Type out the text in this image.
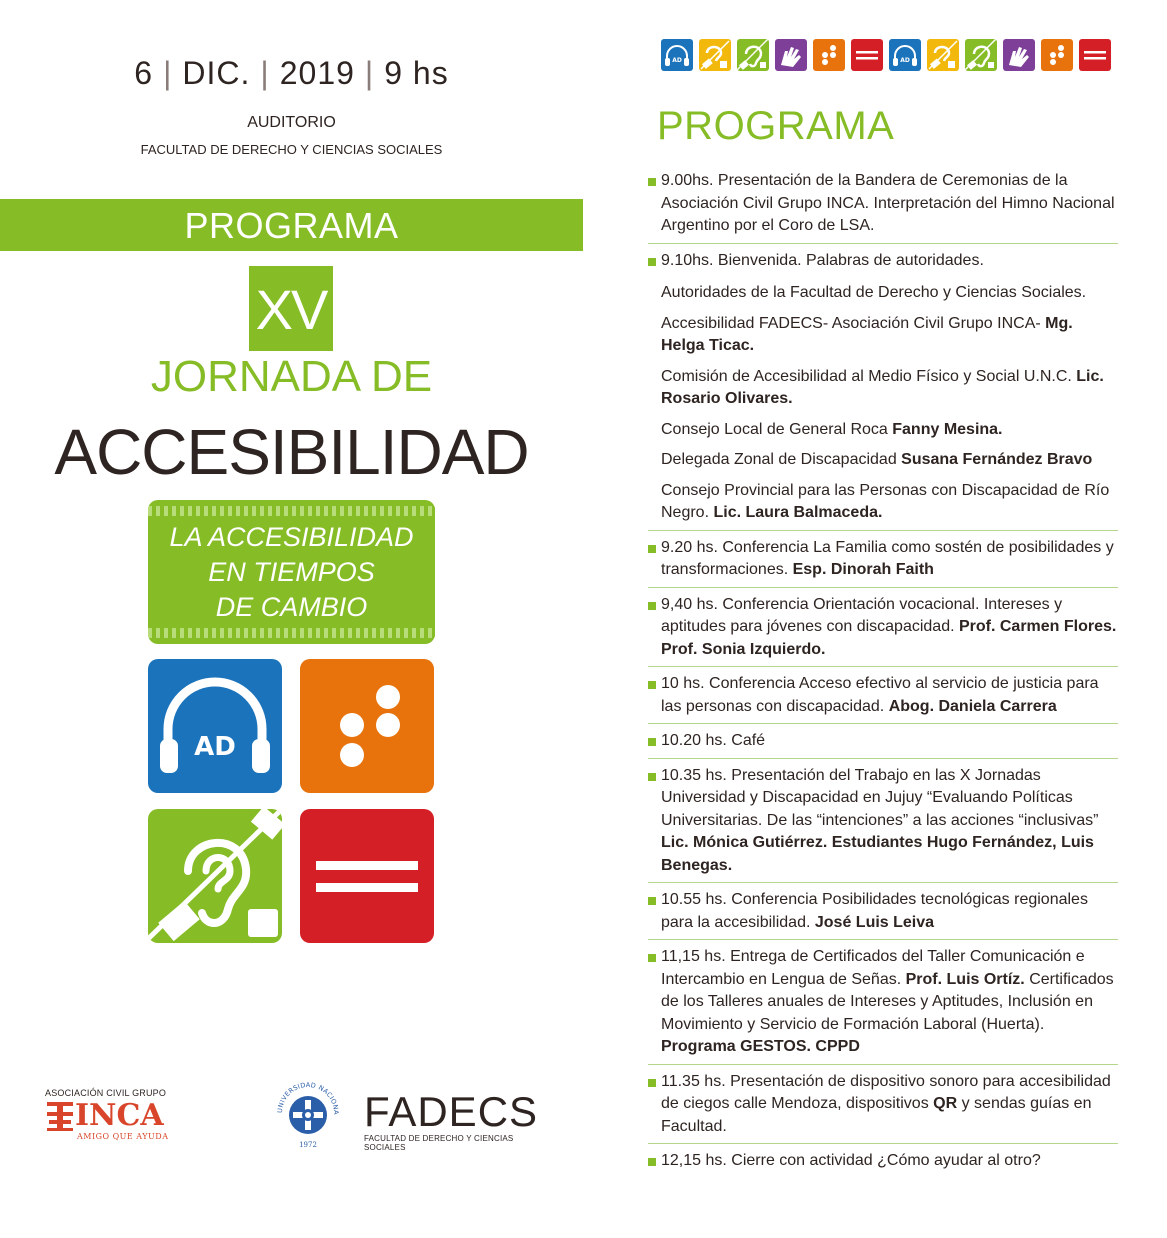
6 | DIC. | 2019 | 9 hs
AUDITORIO
FACULTAD DE DERECHO Y CIENCIAS SOCIALES
PROGRAMA
XV
JORNADA DE
ACCESIBILIDAD
LA ACCESIBILIDAD
EN TIEMPOS
DE CAMBIO
AD
ASOCIACIÓN CIVIL GRUPO
INCA
AMIGO QUE AYUDA
UNIVERSIDAD NACIONA
1972
FADECS
FACULTAD DE DERECHO Y CIENCIAS SOCIALES
AD	AD
PROGRAMA
9.00hs. Presentación de la Bandera de Ceremonias de la Asociación Civil Grupo INCA. Interpretación del Himno Nacional Argentino por el Coro de LSA.
9.10hs. Bienvenida. Palabras de autoridades.
Autoridades de la Facultad de Derecho y Ciencias Sociales.
Accesibilidad FADECS- Asociación Civil Grupo INCA- Mg. Helga Ticac.
Comisión de Accesibilidad al Medio Físico y Social U.N.C. Lic. Rosario Olivares.
Consejo Local de General Roca Fanny Mesina.
Delegada Zonal de Discapacidad Susana Fernández Bravo
Consejo Provincial para las Personas con Discapacidad de Río Negro. Lic. Laura Balmaceda.
9.20 hs. Conferencia La Familia como sostén de posibilidades y transformaciones. Esp. Dinorah Faith
9,40 hs. Conferencia Orientación vocacional. Intereses y aptitudes para jóvenes con discapacidad. Prof. Carmen Flores. Prof. Sonia Izquierdo.
10 hs. Conferencia Acceso efectivo al servicio de justicia para las personas con discapacidad. Abog. Daniela Carrera
10.20 hs. Café
10.35 hs. Presentación del Trabajo en las X Jornadas Universidad y Discapacidad en Jujuy “Evaluando Políticas Universitarias. De las “intenciones” a las acciones “inclusivas” Lic. Mónica Gutiérrez. Estudiantes Hugo Fernández, Luis Benegas.
10.55 hs. Conferencia Posibilidades tecnológicas regionales para la accesibilidad. José Luis Leiva
11,15 hs. Entrega de Certificados del Taller Comunicación e Intercambio en Lengua de Señas. Prof. Luis Ortíz. Certificados de los Talleres anuales de Intereses y Aptitudes, Inclusión en Movimiento y Servicio de Formación Laboral (Huerta). Programa GESTOS. CPPD
11.35 hs. Presentación de dispositivo sonoro para accesibilidad de ciegos calle Mendoza, dispositivos QR y sendas guías en Facultad.
12,15 hs. Cierre con actividad ¿Cómo ayudar al otro?
